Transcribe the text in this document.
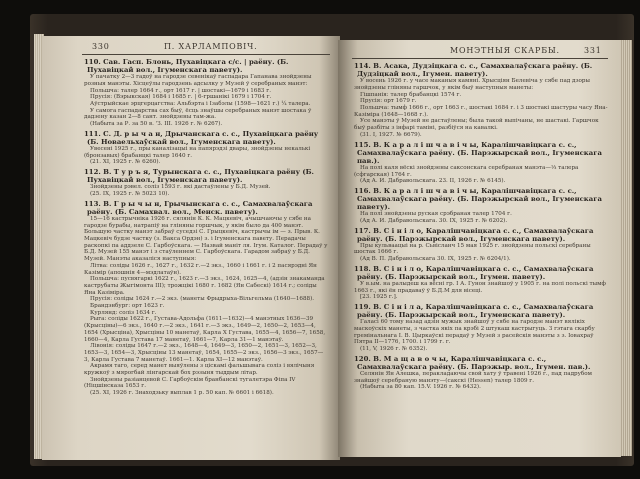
330	П. ХАРЛАМПОВІЧ.
110. Сав. Гасп. Блонь, Пухавіцкага с/с. | раёну. (Б. Пухавіцкай вол., Ігуменскага павету).
У пачатку 2—3 гадоў на гародзе севенікаў гаспадара Гапанава знойдзены розныя манэты. Хісцеўлы гародзень адсылку у Музей ў серебраных манэт:
Польшча: талер 1664 г., орт 1617 г. | шостакі—1679 і 1683 г.
Прусія: (Вэрыкская) 1684 і 1685 г. | 6-гршанікі 1679 і 1704 г.
Аўстрыйскае эрцгерцагства: Альбэрта і Ізабэлы (1598—1621 г.) ¼ талера.
У самога гаспадарства сах быў, ёсць знаўшы серебраных манэт шостака ў дадзену казан 2—8 сант. знойдзены там-жа.
(Набыта за Р. за 50 в. 'З. ІІІ. 1926 г. № 6267).
111. С. Д. р ы ч а н, Дрычанскага с. с., Пухавіцкага раёну (Б. Новаельхаўскай вол., Ігуменскага павету).
Увесені 1925 г., пры каналізацыі на папярэдзі двары, знойдзены некалькі (бронзавых) брабанцкі талер 1640 г.
(21. XI, 1925 г. № 6260).
112. В. Т у р ъ я, Турынскага с. с., Пухавіцкага раёну (Б. Пухавіцкай вол., Ігуменскага павету).
Знойдзены рэвел. соліз 1593 г. які дастаўлены у Б.Д. Музей.
(25. IX, 1925 г. № 5023 10).
113. В. Г р ы ч ы н, Грычынскага с. с., Самахвалаўскага раёну. (Б. Самахвал. вол., Менск. павету).
15—16 кастрычніка 1926 г. сялянін К. К. Мацкевіч, ачышчаючы у сябе на гародзе бурабы, натрапіў на гліняны горшчык, у якім было да 400 манэт. Большую частку манэт забраў суседзі С. Грыцкевіч, кастрычы ім — з. Прыв. К. Мацкевіч будзе частку (з. Вакса Ордэн) з. і Ігуменскага павету. Перадачы раскопкі па аддзеле С. Гарбоўскага. — Назвай маніт ля. Ігум. Каталог. Перадаў у Б.Д. Музей 155 манэт і з стаўленнем С. Гарбоўскага. Гарадом забраў у Б.Д. Музей. Манэты аказаліся наступныя:
Літва: соліды 1626 г., 1627 г., 1632 г.—2 экз., 1660 і 1661 г. і 2 пасярэдні Ян Казімір (апошнія 4—мэдлатаўн).
Польшча: пусвягаркі 1622 г., 1623 г.—3 экз., 1624, 1625—4, (адзін знакаманда каструбаты Жыгімонта ІІІ); трожцікі 1680 г. 1682 (Ян Сабескі) 1614 г.; соліды Яна Казіміра.
Прусія: соліды 1624 г.—2 экз. (манеты Фрыдрыха-Вільгельма (1640—1688).
Брандэнбург: орт 1623 г.
Курлянд: соліз 1634 г.
Рыга: соліды 1622 г., Густава-Адольфа (1611—1632)—4 манэтных 1636—39 (Крысціны)—6 экз., 1640 г.—2 экз., 1641 г.—3 экз., 1649—2, 1650—2, 1653—4, 1654 (Хрысціна), Хрысціны 10 манетаў, Карла X Густава, 1655—4, 1656—7, 1658, 1660—4, Карла Густава 17 манетаў, 1661—7, Карла 31—1 манэтаў.
Лівонія: соліды 1647 г.—2 экз., 1648—4, 1649—3, 1650—2, 1651—3, 1652—3, 1653—3, 1654—3, Хрысціны 13 манетаў, 1654, 1655—2 экз., 1656—3 экз., 1657—3, Карла Густава 7 манетаў. 1661—1. Карла XI—12 манэтаў.
Акрамя таго, серед манет выяўлены з ціскамі фальшывага соліз і вялічыня кружкоў з мярогбай лінгарскай бох рэзыня тыддым літар.
Знойдзены разіанцевой С. Гарбоўскім бранбанскі тугалетэра Фіпа IV (Ніцшінсказа 1653 г.
(25. XI, 1926 г. Знаходзьку выплав 1 р. 50 кап. № 6601 і 6618).
МОНЭТНЫЯ СКАРБЫ.	331
114. В. Асака, Дудзіцкага с. с., Самахвалаўскага раёну. (Б. Дудзіцкай вол., Ігумен. павету).
У восень 1926 г. у часе маканыя камяні. Хрысціян Белевіча у сябе пад дзоры знойдзены гліняны гаршчок, у якім быў наступныя манеты:
Гішпанія: талер брабанцкі 1574 г.
Прусія: орт 1679 г.
Польшча: тымф 1666 г., орт 1663 г., шостакі 1684 г. і 3 шостакі шастуры часу Яна-Казіміра (1648—1668 г.).
Усе манэты ў Музей не дастаўлены; была такой выпічаны, не шастакі. Гаршчок быў разбіты з інфарі таміні, разбіўся на кавалкі.
(31. I, 1927. № 6679).
115. В. К а р а л і ш ч а в і ч ы, Каралішчавіцкага с. с., Самахвалаўскага раёну. (Б. Парэжырскай вол., Ігуменскага пав.).
На полі каля вёскі знойдзены саксонскага серебраная манэта—⅓ талера (сфгарская) 1764 г.
(Ад А. И. Дабравольскага. 23. II, 1926 г. № 6145).
116. В. К а р а л і ш ч а в і ч ы, Каралішчавіцкага с. с., Самахвалаўскага раёну. (Б. Парэжырскай вол., Ігуменскага павету).
На полі знойдзены руская срэбраная талер 1704 г.
(Ад А. И. Дабравольскага. 30. IX, 1925 г. № 6202).
117. В. С і н і л о, Каралішчавіцкага с. с., Самахвалаўскага раёну. (Б. Парэжырскай вол., Ігуменскага павету).
Пры кульваацыі на р. Сьвісланч 15 мая 1925 г. знойдзены польскі серебраны шостак 1666 г.
(Ад В. П. Дабравольскага 30. IX, 1925 г. № 6204/1).
118. В. С і н і л о, Каралішчавіцкага с. с., Самахвалаўскага раёну. (Б. Парэжырскай вол., Ігумен. павету).
У в.ым. на ралыдеш ка вёсні гр. І А. Гунон знайшоў у 1905 г. на полі польскі тымф 1663 г., які ён прадаваў ў Б.Д.М для вісеці.
[23. 1925 г.].
119. В. С і н і л а, Каралішчавіцкага с. с., Самахвалаўскага раёну. (Б. Парэжырскай вол., Ігуменскага павету).
Галасі 60 тому назад адзін мужык знайшоў у сябе на гародзе манэт вялікіх маскоўскіх манеты, з частка якіх па крэбі 2 штукаш кастрыгуць. З гэтага скарбу гремінальнага І. В. Цыркаўскі перадаў у Музей з расейскія манэты з з. Іовахраў Пятра ІІ—1776, 1700. і 1799 г. г.
(11, V, 1926 г. № 6352).
120. В. М а щ а в о ч ы, Каралішчавіцкага с. с., Самахвалаўскага раёну. (Б. Парэжыр. вол., Ігумен. пав.).
Селянін Ян Алешка, перакладаючы свой хату ў травені 1926 г., пад падрубом знайшоў серебраную манэту—(сакскі (Hessen) талер 1809 г.
(Набыта за 80 кап. 15.V. 1926 г. № 6432).
